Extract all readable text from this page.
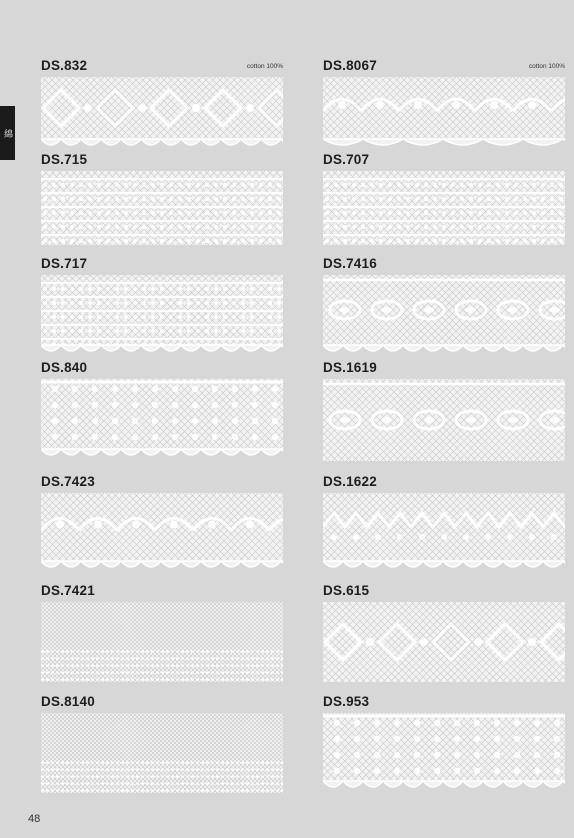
綿
DS.832	cotton 100%	DS.8067	cotton 100%
DS.715	DS.707
DS.717	DS.7416
DS.840	DS.1619
DS.7423	DS.1622
DS.7421	DS.615
DS.8140	DS.953
48
